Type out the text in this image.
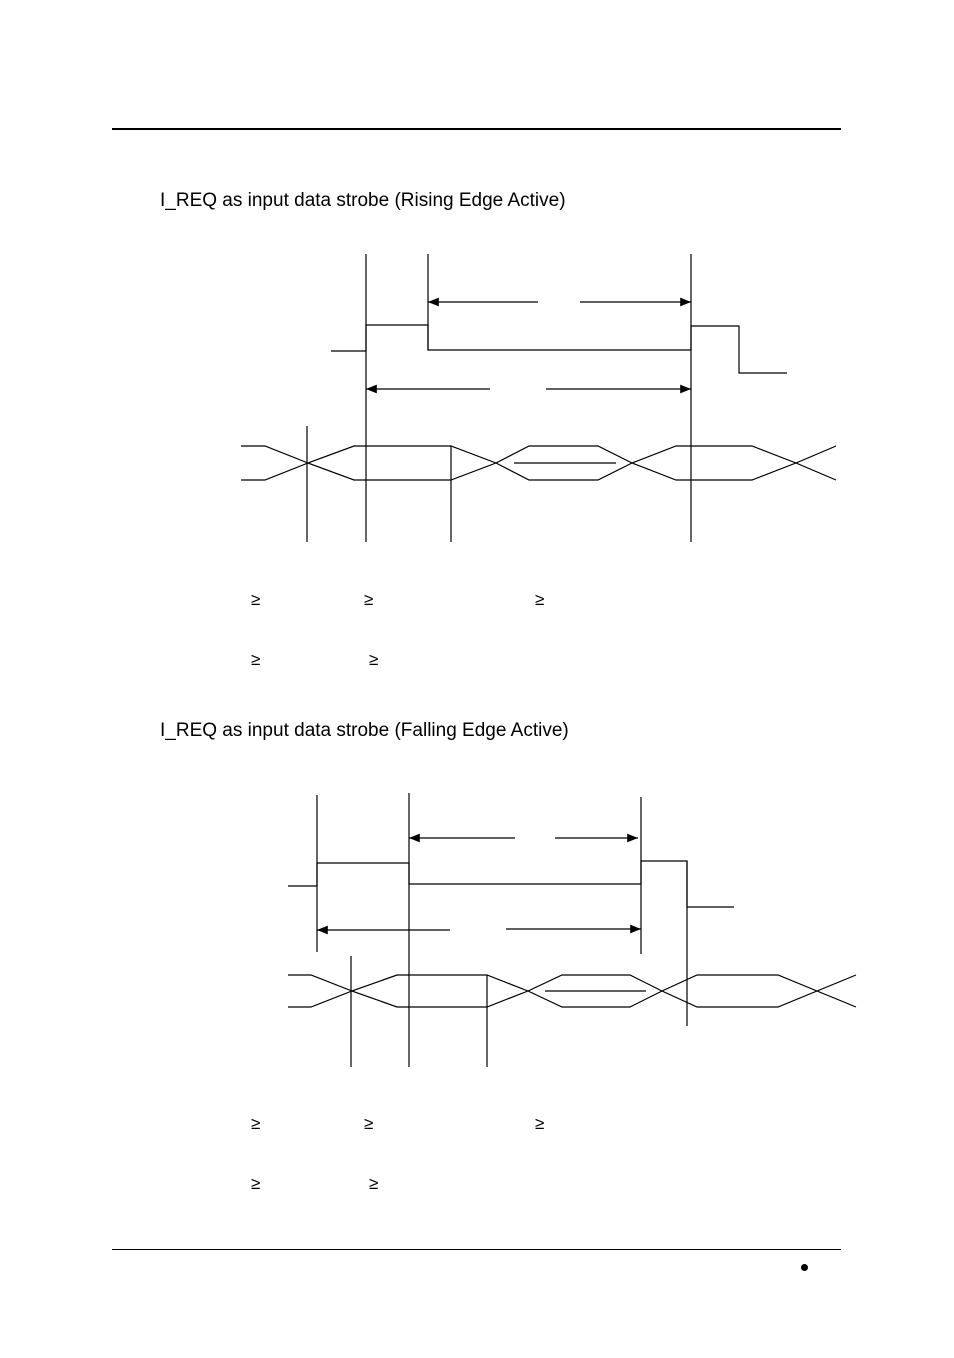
I_REQ as input data strobe (Rising Edge Active)
≥	≥	≥
≥	≥
I_REQ as input data strobe (Falling Edge Active)
≥	≥	≥
≥	≥
